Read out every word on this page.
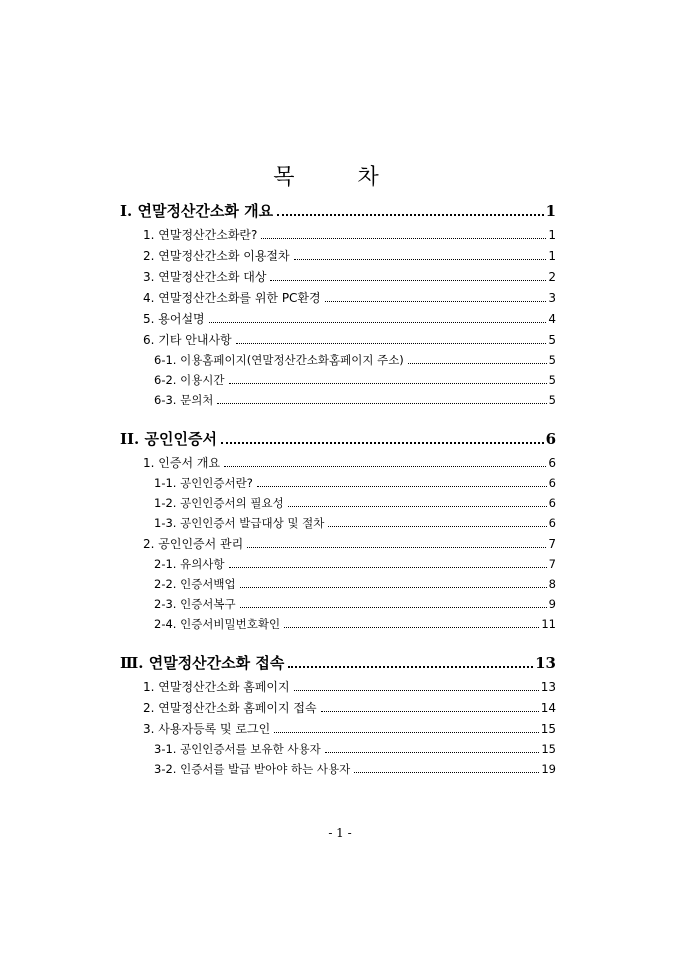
목 차
Ⅰ. 연말정산간소화 개요	1
1. 연말정산간소화란?	1
2. 연말정산간소화 이용절차	1
3. 연말정산간소화 대상	2
4. 연말정산간소화를 위한 PC환경	3
5. 용어설명	4
6. 기타 안내사항	5
6-1. 이용홈페이지(연말정산간소화홈페이지 주소)	5
6-2. 이용시간	5
6-3. 문의처	5
II. 공인인증서	6
1. 인증서 개요	6
1-1. 공인인증서란?	6
1-2. 공인인증서의 필요성	6
1-3. 공인인증서 발급대상 및 절차	6
2. 공인인증서 관리	7
2-1. 유의사항	7
2-2. 인증서백업	8
2-3. 인증서복구	9
2-4. 인증서비밀번호확인	11
Ⅲ. 연말정산간소화 접속	13
1. 연말정산간소화 홈페이지	13
2. 연말정산간소화 홈페이지 접속	14
3. 사용자등록 및 로그인	15
3-1. 공인인증서를 보유한 사용자	15
3-2. 인증서를 발급 받아야 하는 사용자	19
- 1 -
